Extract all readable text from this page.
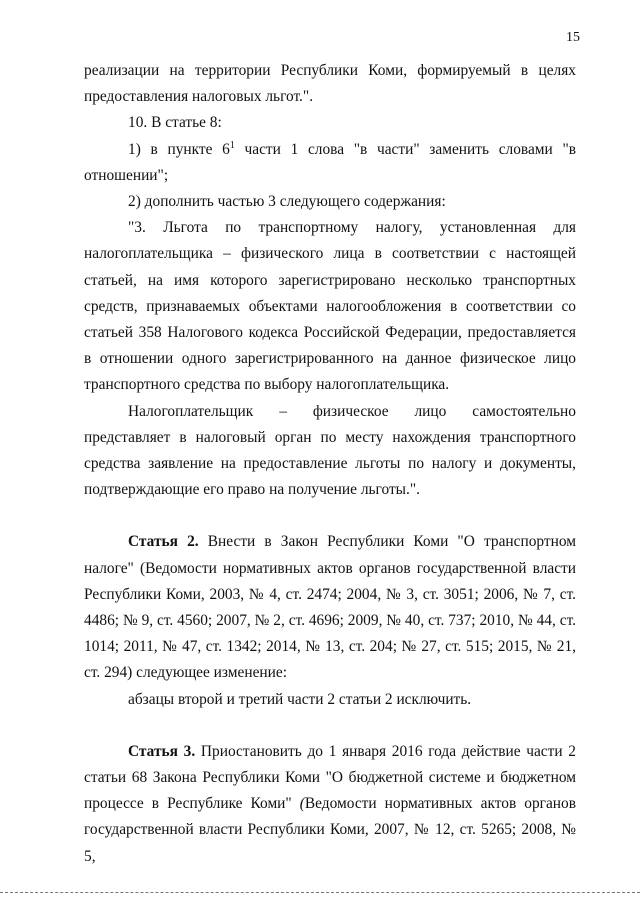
15

реализации на территории Республики Коми, формируемый в целях предоставления налоговых льгот.".

10. В статье 8:

1) в пункте $6^1$ части 1 слова "в части" заменить словами "в отношении";

2) дополнить частью 3 следующего содержания:

"3. Льгота по транспортному налогу, установленная для налогоплательщика – физического лица в соответствии с настоящей статьей, на имя которого зарегистрировано несколько транспортных средств, признаваемых объектами налогообложения в соответствии со статьей 358 Налогового кодекса Российской Федерации, предоставляется в отношении одного зарегистрированного на данное физическое лицо транспортного средства по выбору налогоплательщика.

Налогоплательщик – физическое лицо самостоятельно представляет в налоговый орган по месту нахождения транспортного средства заявление на предоставление льготы по налогу и документы, подтверждающие его право на получение льготы.".

Статья 2. Внести в Закон Республики Коми "О транспортном налоге" (Ведомости нормативных актов органов государственной власти Республики Коми, 2003, № 4, ст. 2474; 2004, № 3, ст. 3051; 2006, № 7, ст. 4486; № 9, ст. 4560; 2007, № 2, ст. 4696; 2009, № 40, ст. 737; 2010, № 44, ст. 1014; 2011, № 47, ст. 1342; 2014, № 13, ст. 204; № 27, ст. 515; 2015, № 21, ст. 294) следующее изменение:

абзацы второй и третий части 2 статьи 2 исключить.

Статья 3. Приостановить до 1 января 2016 года действие части 2 статьи 68 Закона Республики Коми "О бюджетной системе и бюджетном процессе в Республике Коми" (Ведомости нормативных актов органов государственной власти Республики Коми, 2007, № 12, ст. 5265; 2008, № 5,
